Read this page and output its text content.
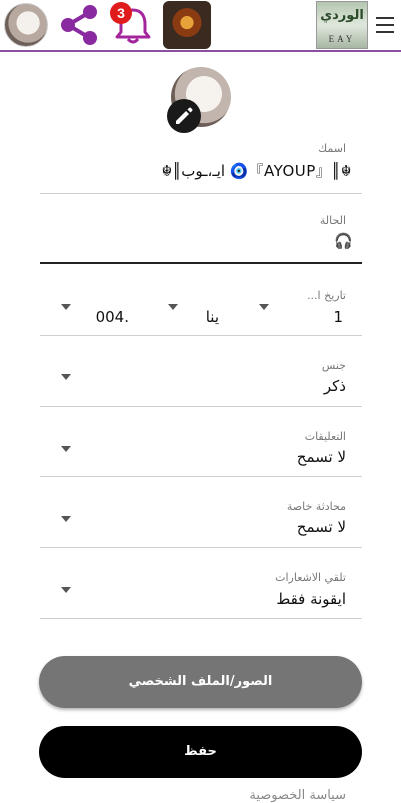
3	الوردي
EAY
اسمك
☬║ايـ،ـوب 🧿『AYOUP』║☬
الحالة
🎧
تاريخ ا...
1
ينا
004.
جنس
ذكر
التعليقات
لا تسمح
محادثة خاصة
لا تسمح
تلقي الاشعارات
ايقونة فقط
الصور/الملف الشخصي
حفظ
سياسة الخصوصية
